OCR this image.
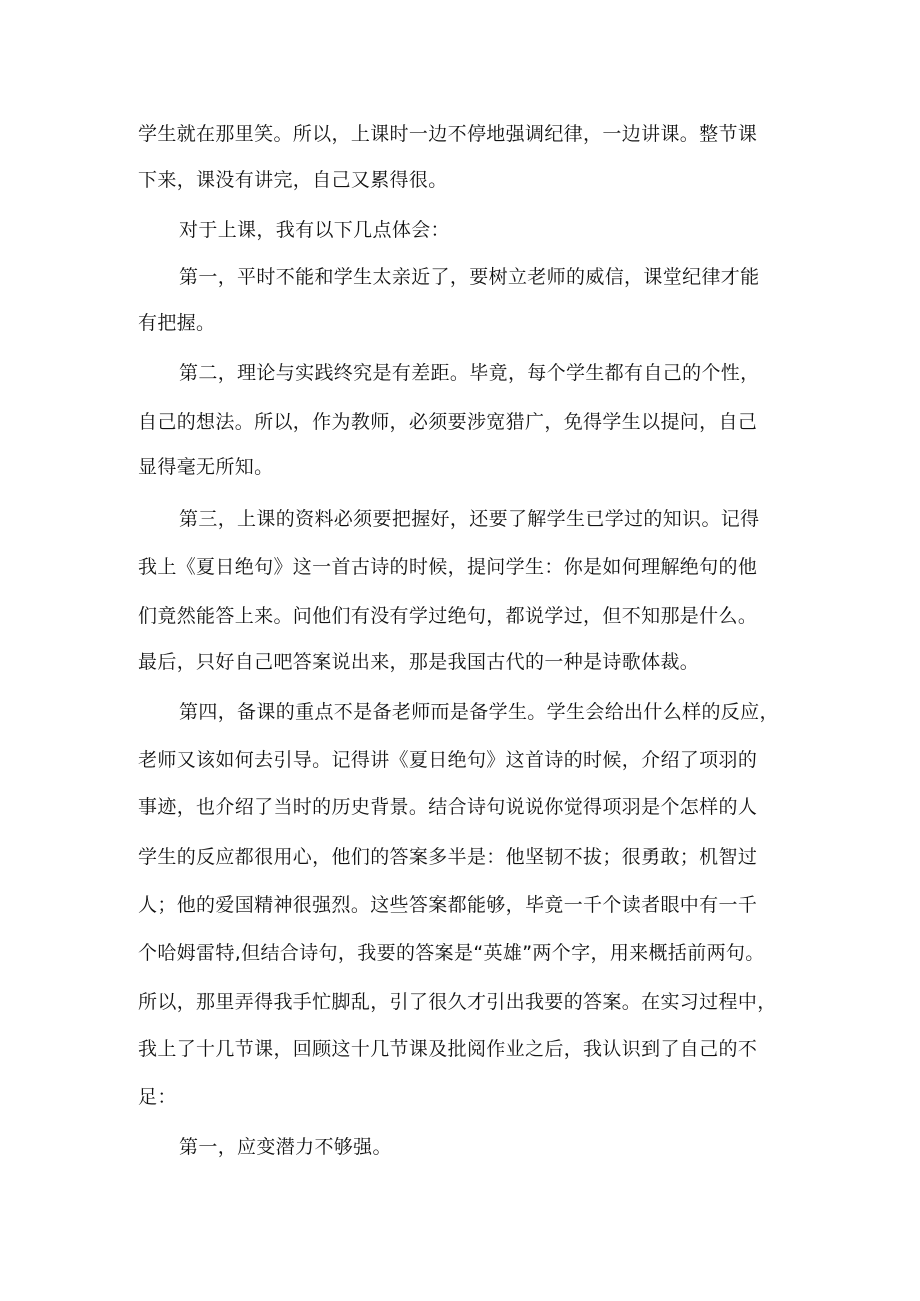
学生就在那里笑。所以，上课时一边不停地强调纪律，一边讲课。整节课
下来，课没有讲完，自己又累得很。
对于上课，我有以下几点体会：
第一，平时不能和学生太亲近了，要树立老师的威信，课堂纪律才能
有把握。
第二，理论与实践终究是有差距。毕竟，每个学生都有自己的个性，
自己的想法。所以，作为教师，必须要涉宽猎广，免得学生以提问，自己
显得毫无所知。
第三，上课的资料必须要把握好，还要了解学生已学过的知识。记得
我上《夏日绝句》这一首古诗的时候，提问学生：你是如何理解绝句的他
们竟然能答上来。问他们有没有学过绝句，都说学过，但不知那是什么。
最后，只好自己吧答案说出来，那是我国古代的一种是诗歌体裁。
第四，备课的重点不是备老师而是备学生。学生会给出什么样的反应，
老师又该如何去引导。记得讲《夏日绝句》这首诗的时候，介绍了项羽的
事迹，也介绍了当时的历史背景。结合诗句说说你觉得项羽是个怎样的人
学生的反应都很用心，他们的答案多半是：他坚韧不拔；很勇敢；机智过
人；他的爱国精神很强烈。这些答案都能够，毕竟一千个读者眼中有一千
个哈姆雷特,但结合诗句，我要的答案是“英雄”两个字，用来概括前两句。
所以，那里弄得我手忙脚乱，引了很久才引出我要的答案。在实习过程中，
我上了十几节课，回顾这十几节课及批阅作业之后，我认识到了自己的不
足：
第一，应变潜力不够强。
